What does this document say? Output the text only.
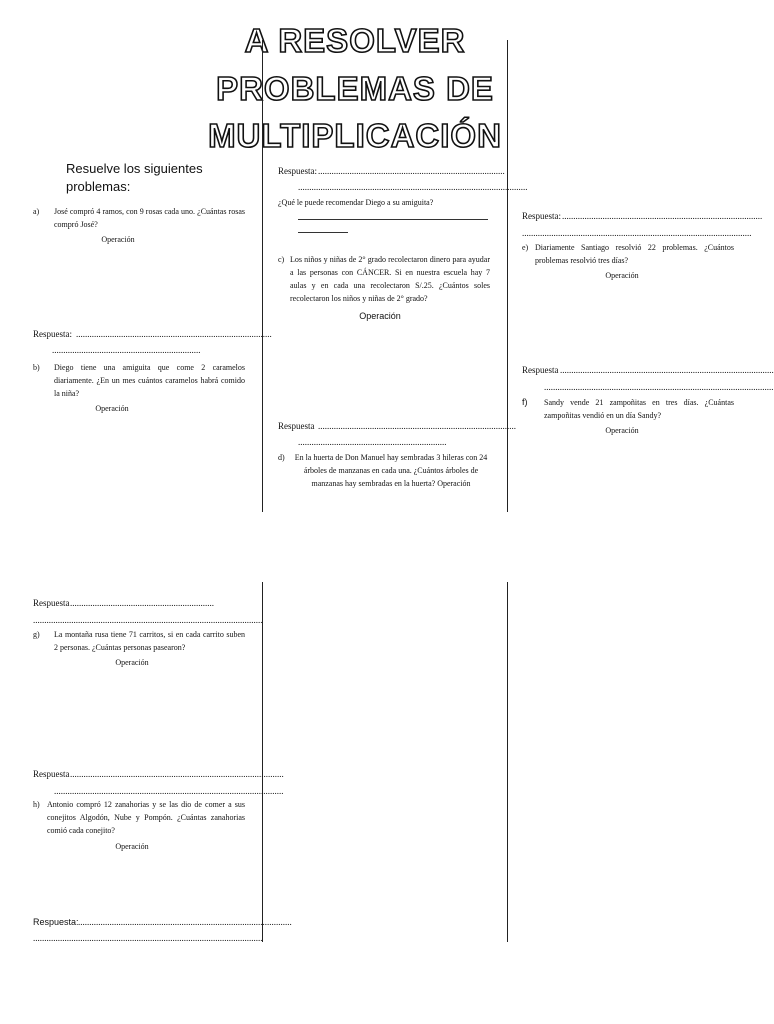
A RESOLVER
PROBLEMAS DE
MULTIPLICACIÓN
Resuelve los siguientes problemas:
a)	José compró 4 ramos, con 9 rosas cada uno. ¿Cuántas rosas compró José?
Operación
Respuesta: .......................................................................................
..................................................................
b)	Diego tiene una amiguita que come 2 caramelos diariamente. ¿En un mes cuántos caramelos habrá comido la niña?
Operación
Respuesta: ...................................................................................
......................................................................................................
¿Qué le puede recomendar Diego a su amiguita?
c) Los niños y niñas de 2° grado recolectaron dinero para ayudar a las personas con CÁNCER. Si en nuestra escuela hay 7 aulas y en cada una recolectaron S/.25. ¿Cuántos soles recolectaron los niños y niñas de 2° grado?
Operación
Respuesta ........................................................................................
..................................................................
d)	En la huerta de Don Manuel hay sembradas 3 hileras con 24 árboles de manzanas en cada una. ¿Cuántos árboles de manzanas hay sembradas en la huerta? Operación
Respuesta: .........................................................................................
......................................................................................................
e) Diariamente Santiago resolvió 22 problemas. ¿Cuántos problemas resolvió tres días?
Operación
Respuesta ...............................................................................................
......................................................................................................
f)	Sandy vende 21 zampoñitas en tres días. ¿Cuántas zampoñitas vendió en un día Sandy?
Operación
Respuesta ................................................................
......................................................................................................
g)	La montaña rusa tiene 71 carritos, si en cada carrito suben 2 personas. ¿Cuántas personas pasearon?
Operación
Respuesta ...............................................................................................
......................................................................................................
h) Antonio compró 12 zanahorias y se las dio de comer a sus conejitos Algodón, Nube y Pompón. ¿Cuántas zanahorias comió cada conejito?
Operación
Respuesta: ...............................................................................................
......................................................................................................
